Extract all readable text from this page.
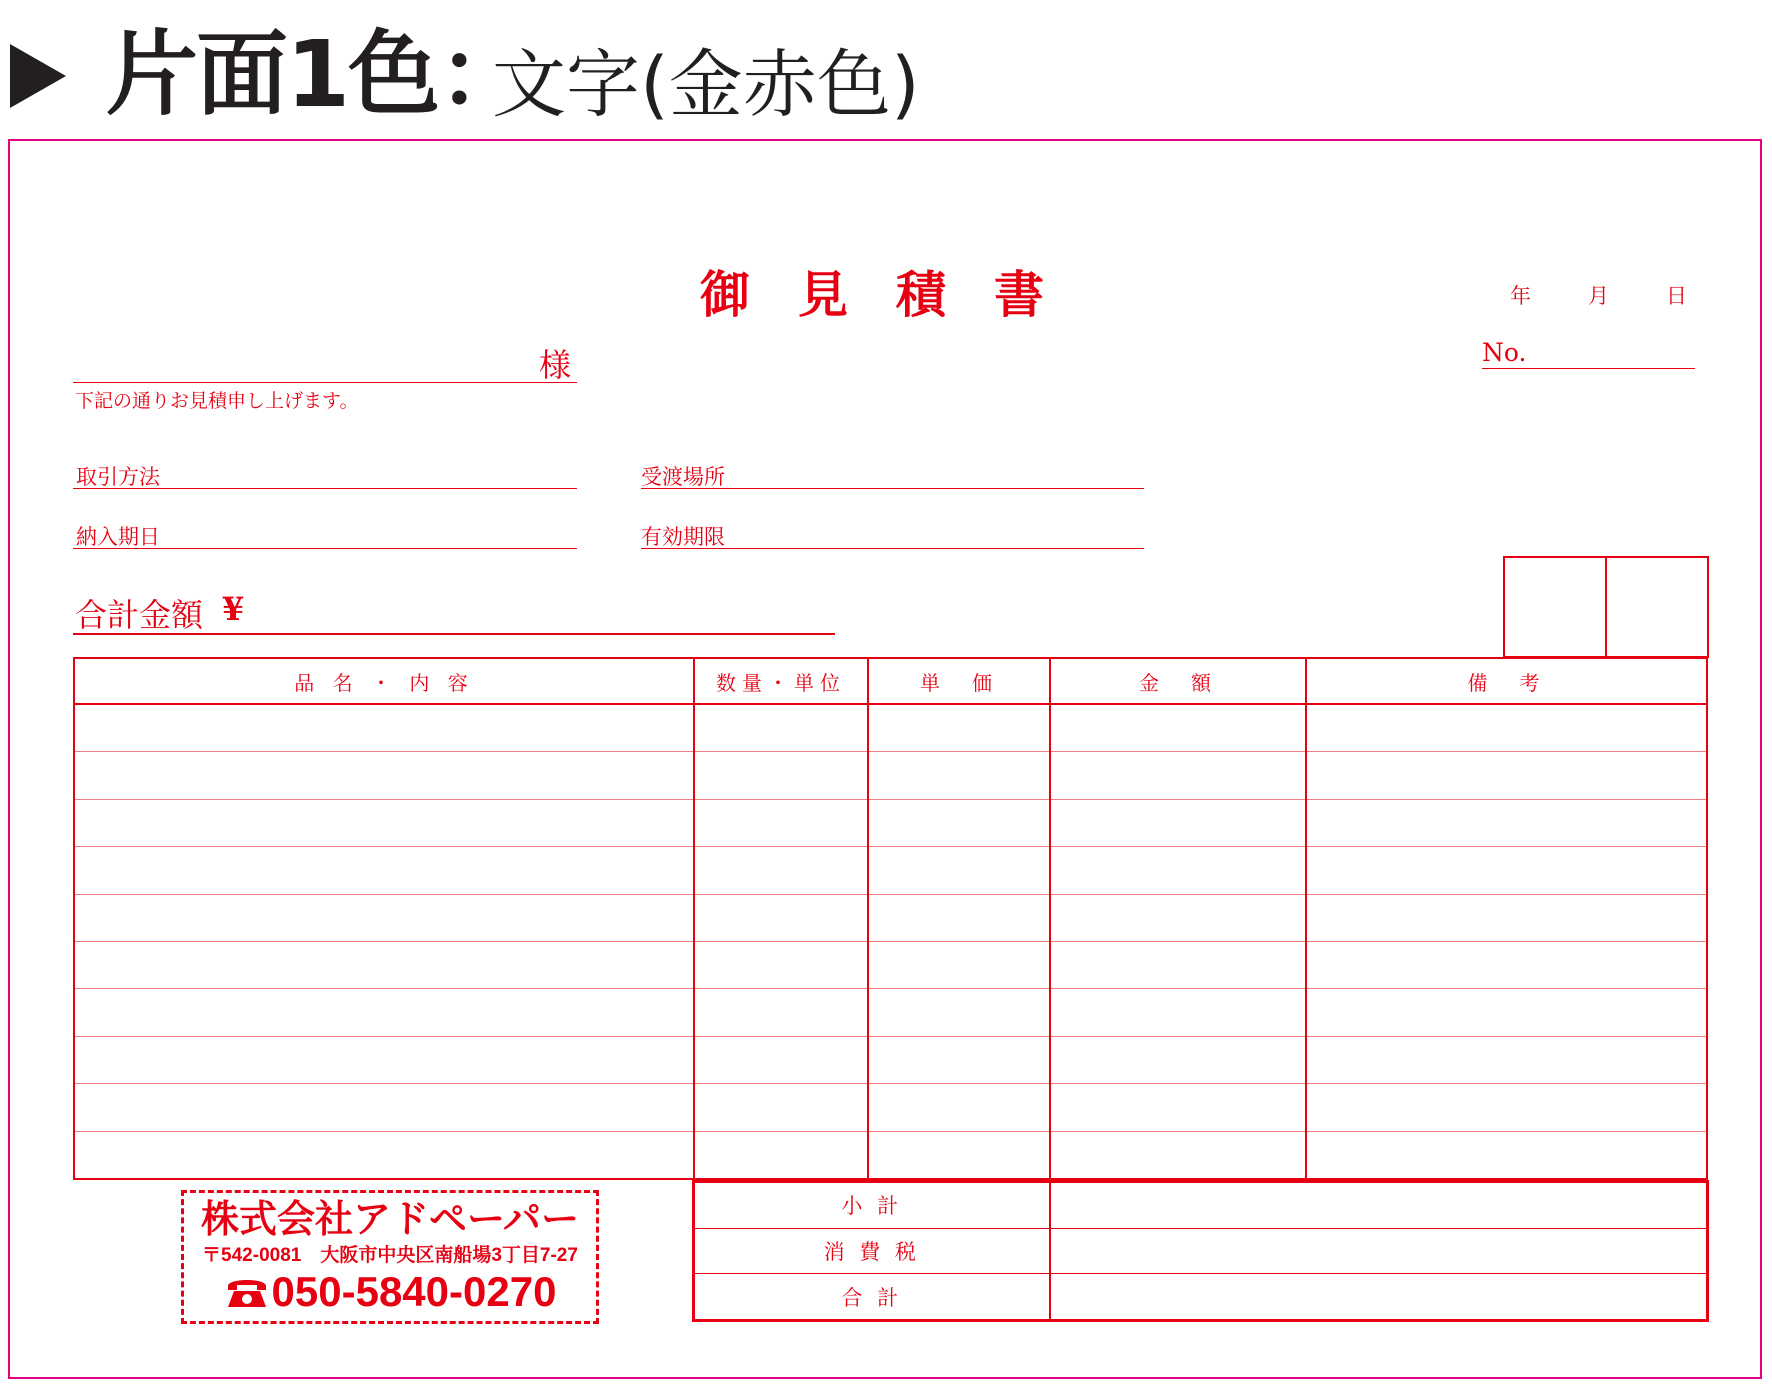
片面1色：
文字(金赤色)
御見積書	年	月	日
No.
様
下記の通りお見積申し上げます。
取引方法	受渡場所
納入期日	有効期限
合計金額 ¥
品 名 ・ 内 容	数量・単位	単　価	金　額	備　考

小 計	
消 費 税	
合 計	
株式会社アドペーパー
〒542-0081　大阪市中央区南船場3丁目7-27
050-5840-0270
